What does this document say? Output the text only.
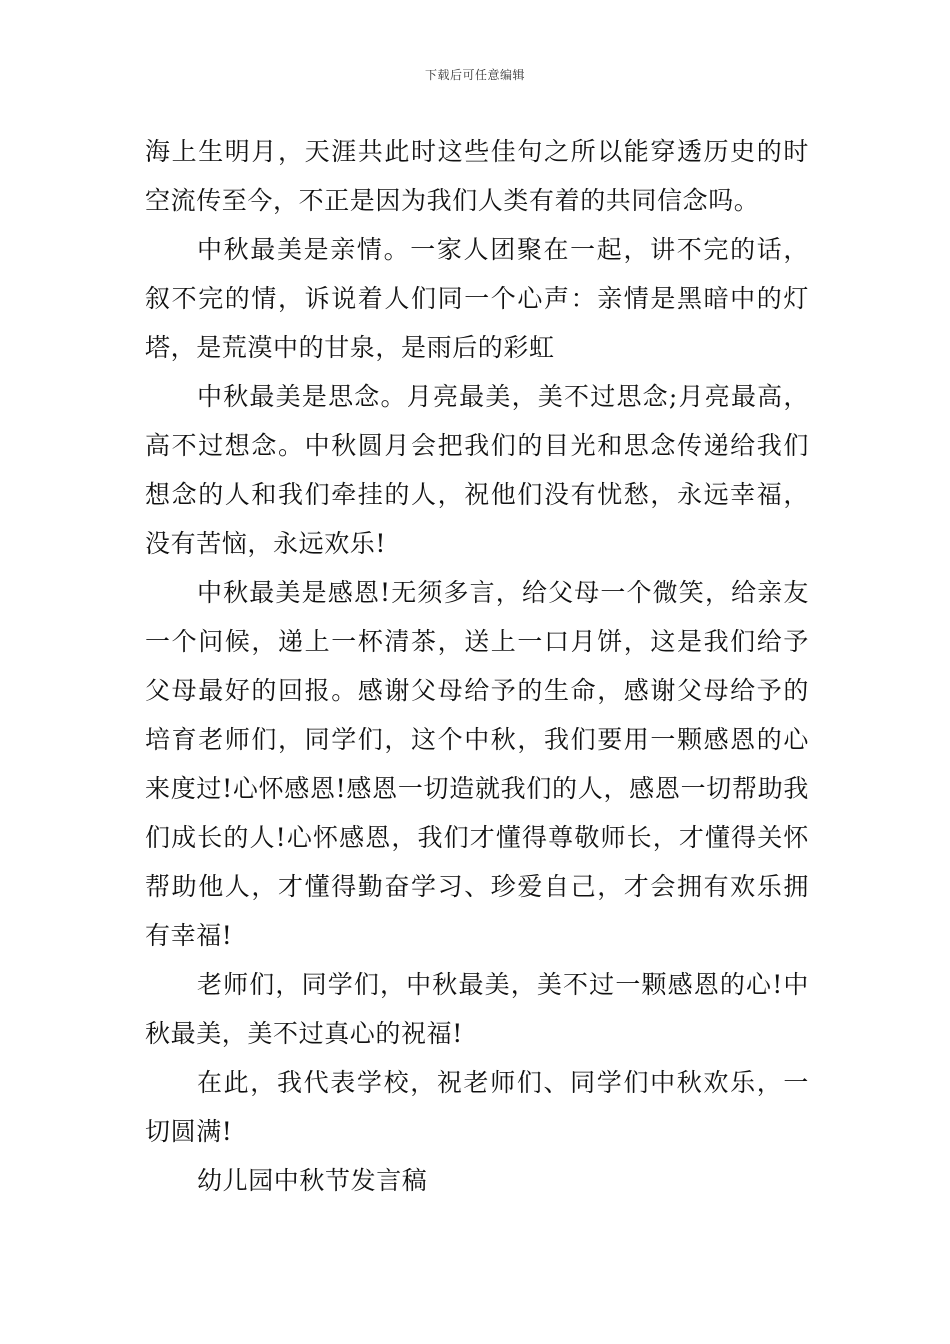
下载后可任意编辑

海上生明月，天涯共此时这些佳句之所以能穿透历史的时空流传至今，不正是因为我们人类有着的共同信念吗。

中秋最美是亲情。一家人团聚在一起，讲不完的话，叙不完的情，诉说着人们同一个心声：亲情是黑暗中的灯塔，是荒漠中的甘泉，是雨后的彩虹

中秋最美是思念。月亮最美，美不过思念;月亮最高，高不过想念。中秋圆月会把我们的目光和思念传递给我们想念的人和我们牵挂的人，祝他们没有忧愁，永远幸福，没有苦恼，永远欢乐!

中秋最美是感恩!无须多言，给父母一个微笑，给亲友一个问候，递上一杯清茶，送上一口月饼，这是我们给予父母最好的回报。感谢父母给予的生命，感谢父母给予的培育老师们，同学们，这个中秋，我们要用一颗感恩的心来度过!心怀感恩!感恩一切造就我们的人，感恩一切帮助我们成长的人!心怀感恩，我们才懂得尊敬师长，才懂得关怀帮助他人，才懂得勤奋学习、珍爱自己，才会拥有欢乐拥有幸福!

老师们，同学们，中秋最美，美不过一颗感恩的心!中秋最美，美不过真心的祝福!

在此，我代表学校，祝老师们、同学们中秋欢乐，一切圆满!

幼儿园中秋节发言稿
